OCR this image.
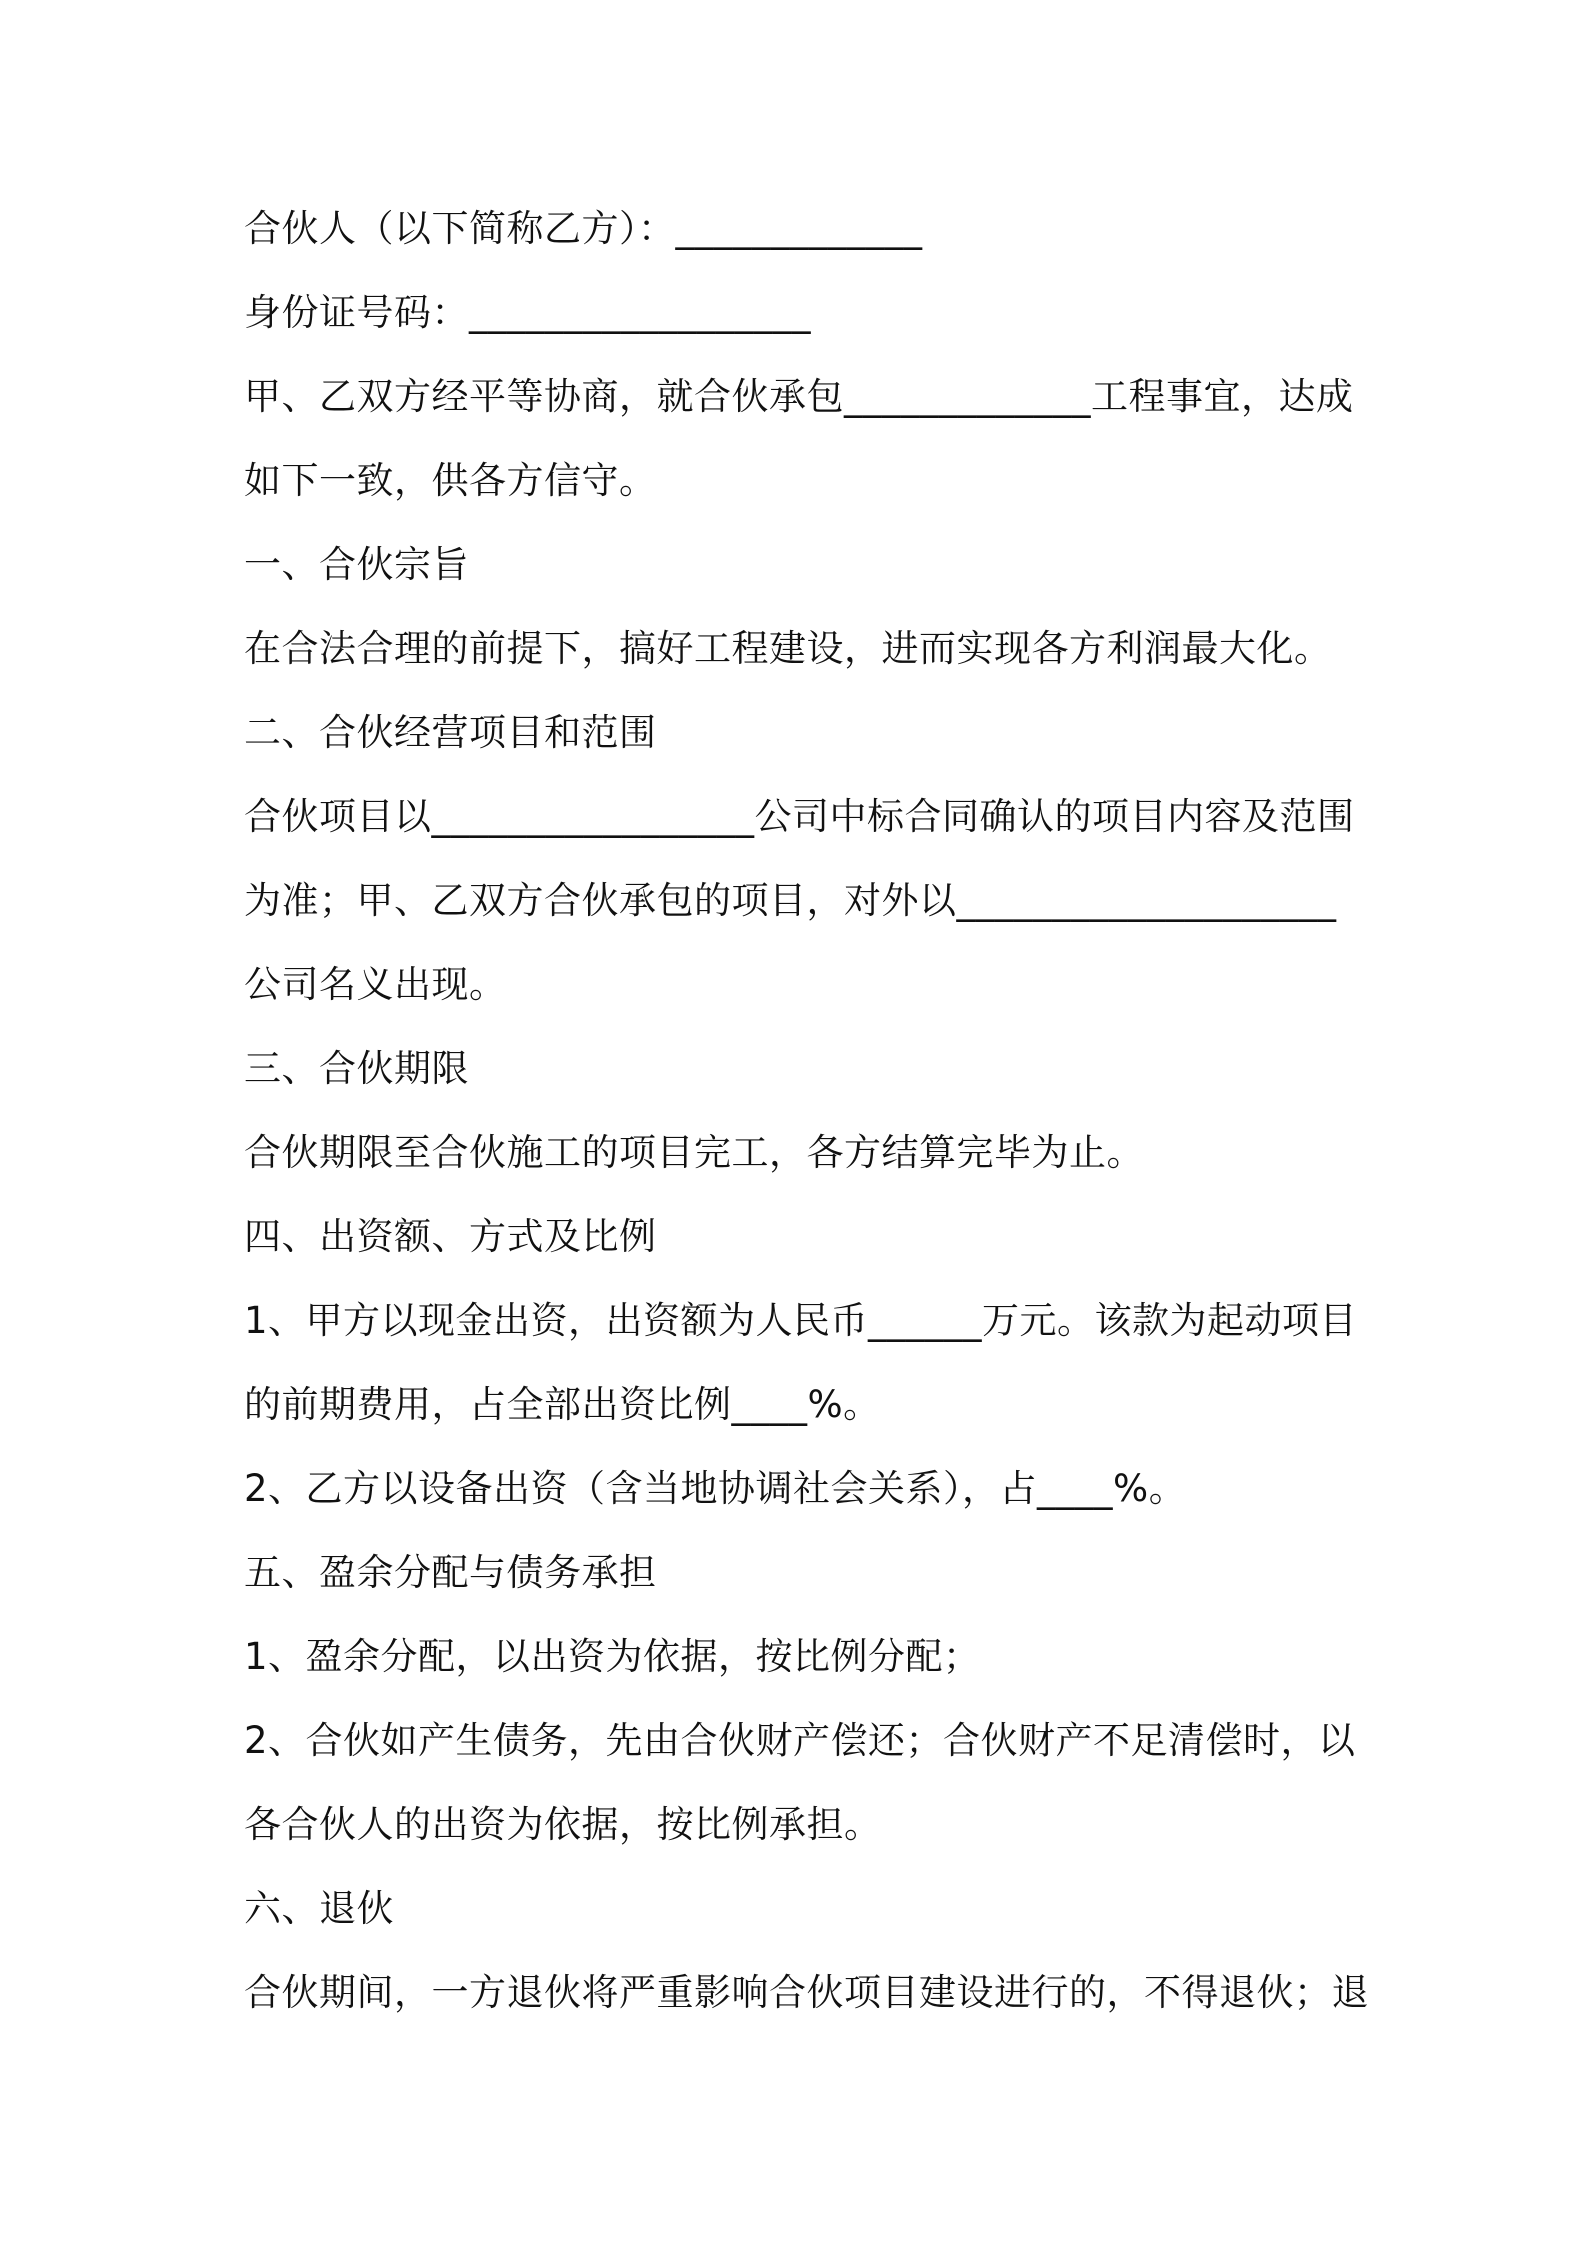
合伙人（以下简称乙方）：_____________
身份证号码：__________________
甲、乙双方经平等协商，就合伙承包_____________工程事宜，达成
如下一致，供各方信守。
一、合伙宗旨
在合法合理的前提下，搞好工程建设，进而实现各方利润最大化。
二、合伙经营项目和范围
合伙项目以_________________公司中标合同确认的项目内容及范围
为准；甲、乙双方合伙承包的项目，对外以____________________
公司名义出现。
三、合伙期限
合伙期限至合伙施工的项目完工，各方结算完毕为止。
四、出资额、方式及比例
1、甲方以现金出资，出资额为人民币______万元。该款为起动项目
的前期费用，占全部出资比例____%。
2、乙方以设备出资（含当地协调社会关系），占____%。
五、盈余分配与债务承担
1、盈余分配，以出资为依据，按比例分配；
2、合伙如产生债务，先由合伙财产偿还；合伙财产不足清偿时，以
各合伙人的出资为依据，按比例承担。
六、退伙
合伙期间，一方退伙将严重影响合伙项目建设进行的，不得退伙；退
